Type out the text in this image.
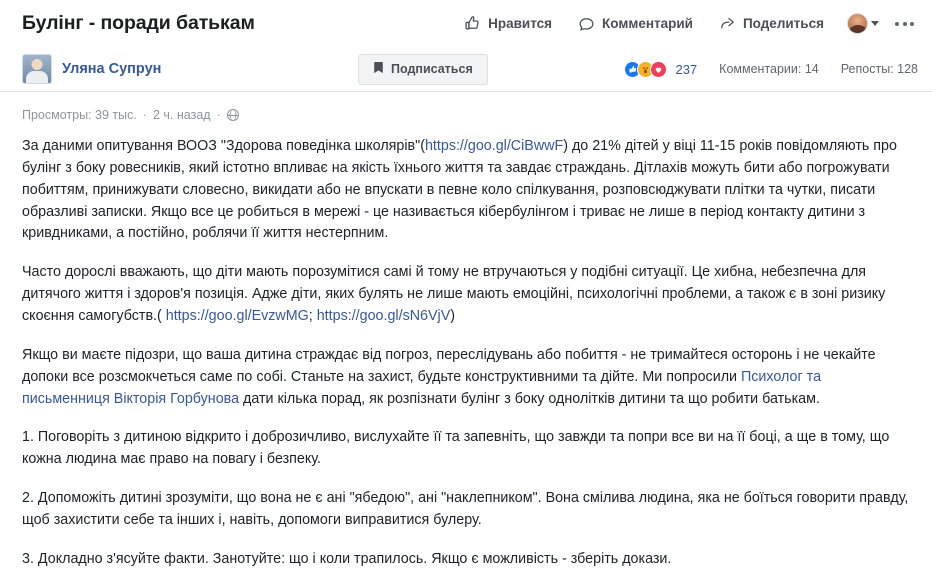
Булінг - поради батькам	Нравится	Комментарий	Поделиться
Уляна Супрун	Подписаться	237 Комментарии: 14 Репосты: 128
Просмотры: 39 тыс. · 2 ч. назад ·

За даними опитування ВООЗ "Здорова поведінка школярів"(https://goo.gl/CiBwwF) до 21% дітей у віці 11-15 років повідомляють про булінг з боку ровесників, який істотно впливає на якість їхнього життя та завдає страждань. Дітлахів можуть бити або погрожувати побиттям, принижувати словесно, викидати або не впускати в певне коло спілкування, розповсюджувати плітки та чутки, писати образливі записки. Якщо все це робиться в мережі - це називається кібербулінгом і триває не лише в період контакту дитини з кривдниками, а постійно, роблячи її життя нестерпним.

Часто дорослі вважають, що діти мають порозумітися самі й тому не втручаються у подібні ситуації. Це хибна, небезпечна для дитячого життя і здоров'я позиція. Адже діти, яких булять не лише мають емоційні, психологічні проблеми, а також є в зоні ризику скоєння самогубств.( https://goo.gl/EvzwMG; https://goo.gl/sN6VjV)

Якщо ви маєте підозри, що ваша дитина страждає від погроз, переслідувань або побиття - не тримайтеся осторонь і не чекайте допоки все розсмокчеться саме по собі. Станьте на захист, будьте конструктивними та дійте. Ми попросили Психолог та письменниця Вікторія Горбунова дати кілька порад, як розпізнати булінг з боку однолітків дитини та що робити батькам.

1. Поговоріть з дитиною відкрито і доброзичливо, вислухайте її та запевніть, що завжди та попри все ви на її боці, а ще в тому, що кожна людина має право на повагу і безпеку.

2. Допоможіть дитині зрозуміти, що вона не є ані "ябедою", ані "наклепником". Вона смілива людина, яка не боїться говорити правду, щоб захистити себе та інших і, навіть, допомоги виправитися булеру.

3. Докладно з'ясуйте факти. Занотуйте: що і коли трапилось. Якщо є можливість - зберіть докази.
